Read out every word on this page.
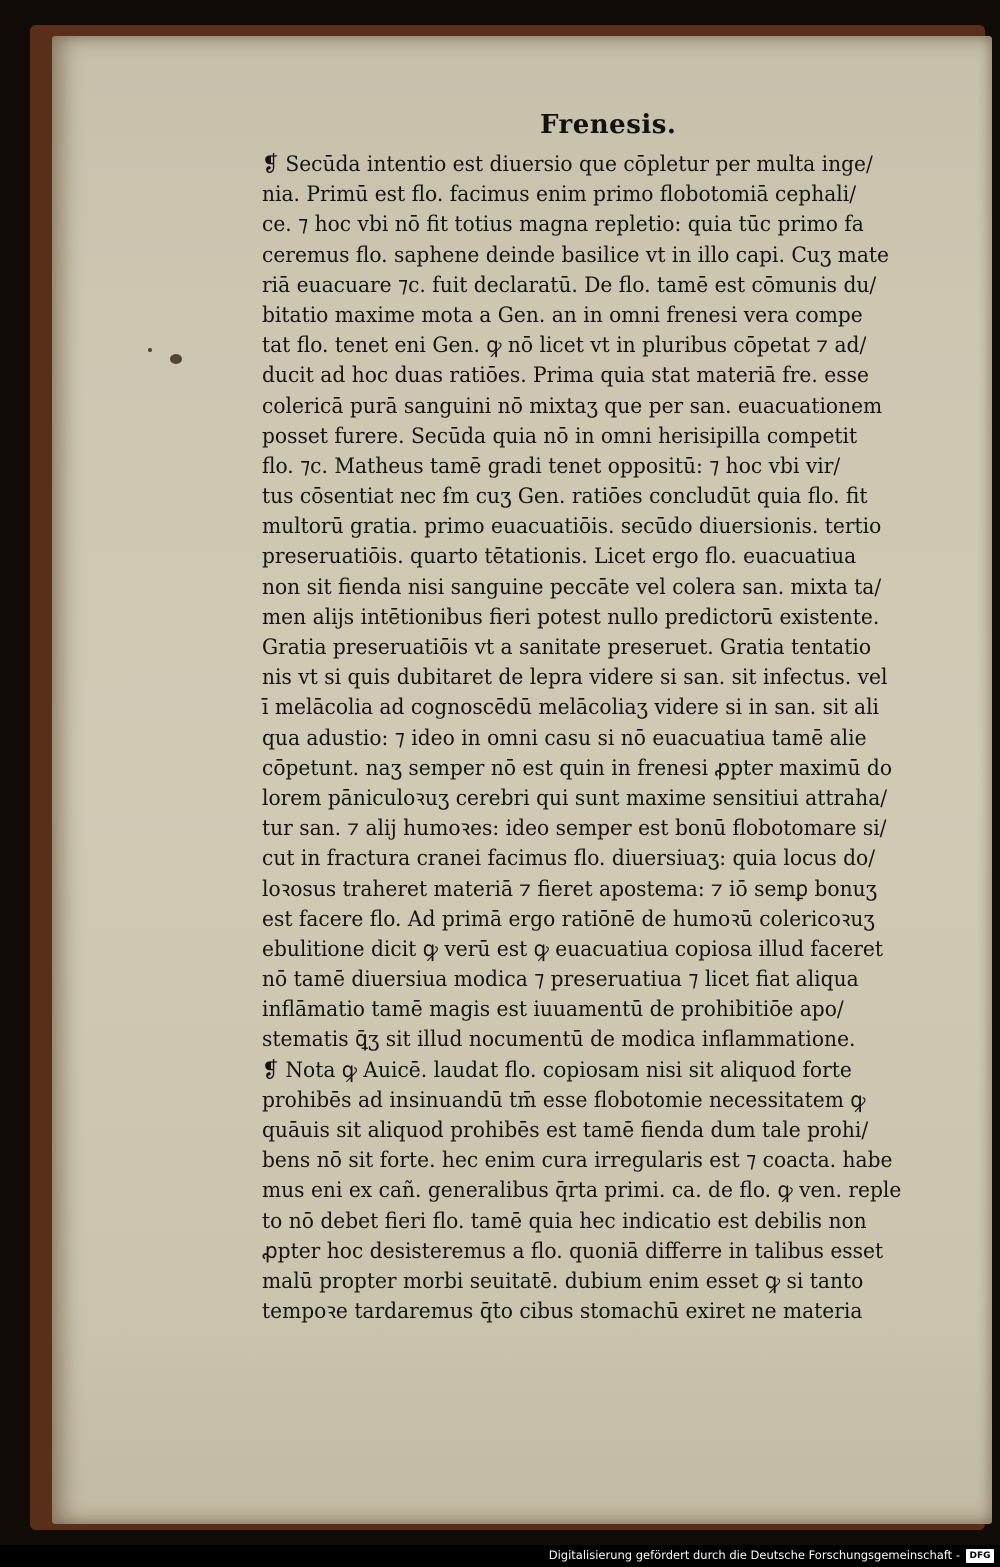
Frenesis.
❡ Secūda intentio est diuersio que cōpletur per multa inge/
nia. Primū est flo. facimus enim primo flobotomiā cephali/
ce. ⁊ hoc vbi nō fit totius magna repletio: quia tūc primo fa
ceremus flo. saphene deinde basilice vt in illo capi. Cuʒ mate
riā euacuare ⁊c. fuit declaratū. De flo. tamē est cōmunis du/
bitatio maxime mota a Gen. an in omni frenesi vera compe
tat flo. tenet eni Gen. ꝙ nō licet vt in pluribus cōpetat ⁊ ad/
ducit ad hoc duas ratiōes. Prima quia stat materiā fre. esse
colericā purā sanguini nō mixtaʒ que per san. euacuationem
posset furere. Secūda quia nō in omni herisipilla competit
flo. ⁊c. Matheus tamē gradi tenet oppositū: ⁊ hoc vbi vir/
tus cōsentiat nec ẜm cuʒ Gen. ratiōes concludūt quia flo. fit
multorū gratia. primo euacuatiōis. secūdo diuersionis. tertio
preseruatiōis. quarto tētationis. Licet ergo flo. euacuatiua
non sit fienda nisi sanguine peccāte vel colera san. mixta ta/
men alijs intētionibus fieri potest nullo predictorū existente.
Gratia preseruatiōis vt a sanitate preseruet. Gratia tentatio
nis vt si quis dubitaret de lepra videre si san. sit infectus. vel
ī melācolia ad cognoscēdū melācoliaʒ videre si in san. sit ali
qua adustio: ⁊ ideo in omni casu si nō euacuatiua tamē alie
cōpetunt. naʒ semper nō est quin in frenesi ꝓpter maximū do
lorem pāniculoꝛuʒ cerebri qui sunt maxime sensitiui attraha/
tur san. ⁊ alij humoꝛes: ideo semper est bonū flobotomare si/
cut in fractura cranei facimus flo. diuersiuaʒ: quia locus do/
loꝛosus traheret materiā ⁊ fieret apostema: ⁊ iō semꝑ bonuʒ
est facere flo. Ad primā ergo ratiōnē de humoꝛū colericoꝛuʒ
ebulitione dicit ꝙ verū est ꝙ euacuatiua copiosa illud faceret
nō tamē diuersiua modica ⁊ preseruatiua ⁊ licet fiat aliqua
inflāmatio tamē magis est iuuamentū de prohibitiōe apo/
stematis ꝗ̄ʒ sit illud nocumentū de modica inflammatione.
❡ Nota ꝙ Auicē. laudat flo. copiosam nisi sit aliquod forte
prohibēs ad insinuandū tm̄ esse flobotomie necessitatem ꝙ
quāuis sit aliquod prohibēs est tamē fienda dum tale prohi/
bens nō sit forte. hec enim cura irregularis est ⁊ coacta. habe
mus eni ex cañ. generalibus q̄rta primi. ca. de flo. ꝙ ven. reple
to nō debet fieri flo. tamē quia hec indicatio est debilis non
ꝓpter hoc desisteremus a flo. quoniā differre in talibus esset
malū propter morbi seuitatē. dubium enim esset ꝙ si tanto
tempoꝛe tardaremus q̄to cibus stomachū exiret ne materia
Digitalisierung gefördert durch die Deutsche Forschungsgemeinschaft -	DFG
